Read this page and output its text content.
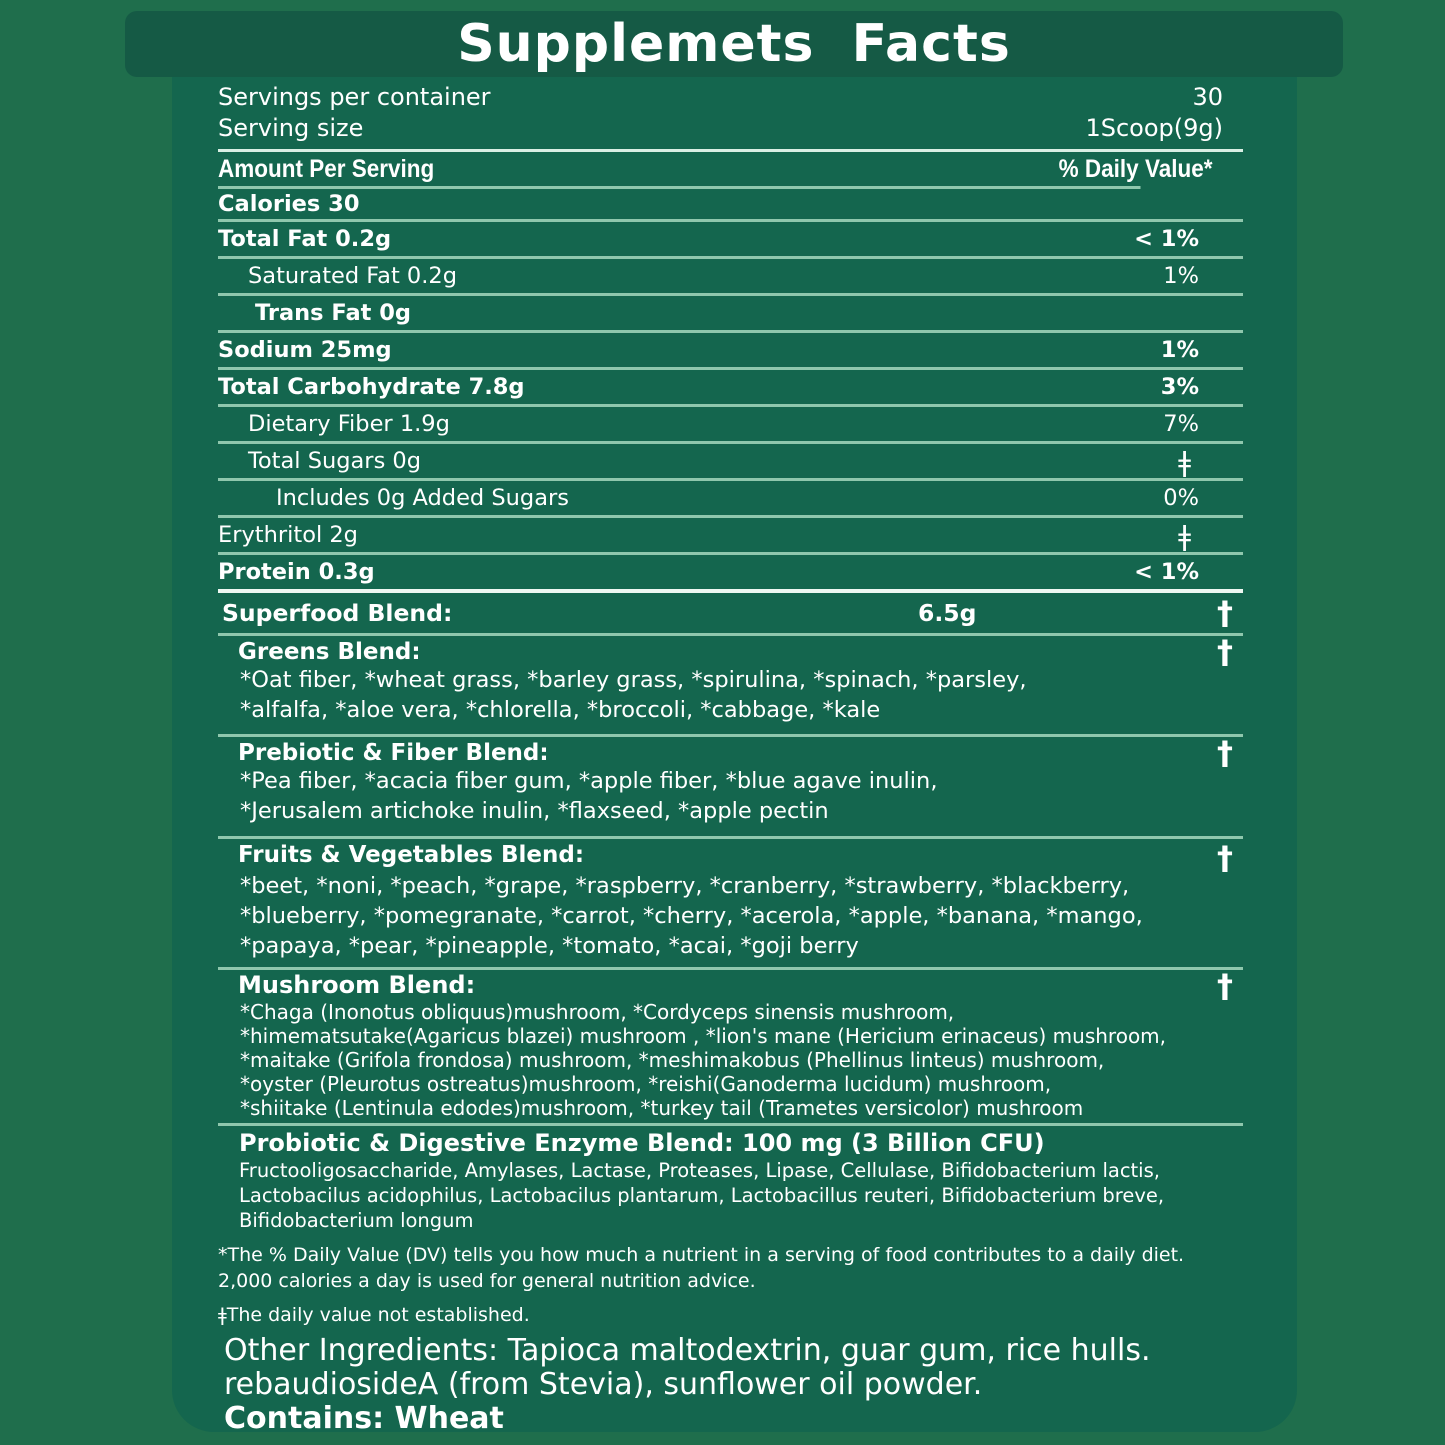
Supplemets Facts
Servings per container	30
Serving size	1Scoop(9g)
Amount Per Serving	% Daily Value*
Calories 30
Total Fat 0.2g	< 1%
Saturated Fat 0.2g	1%
Trans Fat 0g
Sodium 25mg	1%
Total Carbohydrate 7.8g	3%
Dietary Fiber 1.9g	7%
Total Sugars 0g	ǂ
Includes 0g Added Sugars	0%
Erythritol 2g	ǂ
Protein 0.3g	< 1%
Superfood Blend:	6.5g	†
Greens Blend:	†
*Oat fiber, *wheat grass, *barley grass, *spirulina, *spinach, *parsley,
*alfalfa, *aloe vera, *chlorella, *broccoli, *cabbage, *kale
Prebiotic & Fiber Blend:	†
*Pea fiber, *acacia fiber gum, *apple fiber, *blue agave inulin,
*Jerusalem artichoke inulin, *flaxseed, *apple pectin
Fruits & Vegetables Blend:	†
*beet, *noni, *peach, *grape, *raspberry, *cranberry, *strawberry, *blackberry,
*blueberry, *pomegranate, *carrot, *cherry, *acerola, *apple, *banana, *mango,
*papaya, *pear, *pineapple, *tomato, *acai, *goji berry
Mushroom Blend:	†
*Chaga (Inonotus obliquus)mushroom, *Cordyceps sinensis mushroom,
*himematsutake(Agaricus blazei) mushroom , *lion's mane (Hericium erinaceus) mushroom,
*maitake (Grifola frondosa) mushroom, *meshimakobus (Phellinus linteus) mushroom,
*oyster (Pleurotus ostreatus)mushroom, *reishi(Ganoderma lucidum) mushroom,
*shiitake (Lentinula edodes)mushroom, *turkey tail (Trametes versicolor) mushroom
Probiotic & Digestive Enzyme Blend: 100 mg (3 Billion CFU)
Fructooligosaccharide, Amylases, Lactase, Proteases, Lipase, Cellulase, Bifidobacterium lactis,
Lactobacilus acidophilus, Lactobacilus plantarum, Lactobacillus reuteri, Bifidobacterium breve,
Bifidobacterium longum
*The % Daily Value (DV) tells you how much a nutrient in a serving of food contributes to a daily diet.
2,000 calories a day is used for general nutrition advice.
ǂThe daily value not established.
Other Ingredients: Tapioca maltodextrin, guar gum, rice hulls.
rebaudiosideA (from Stevia), sunflower oil powder.
Contains: Wheat
